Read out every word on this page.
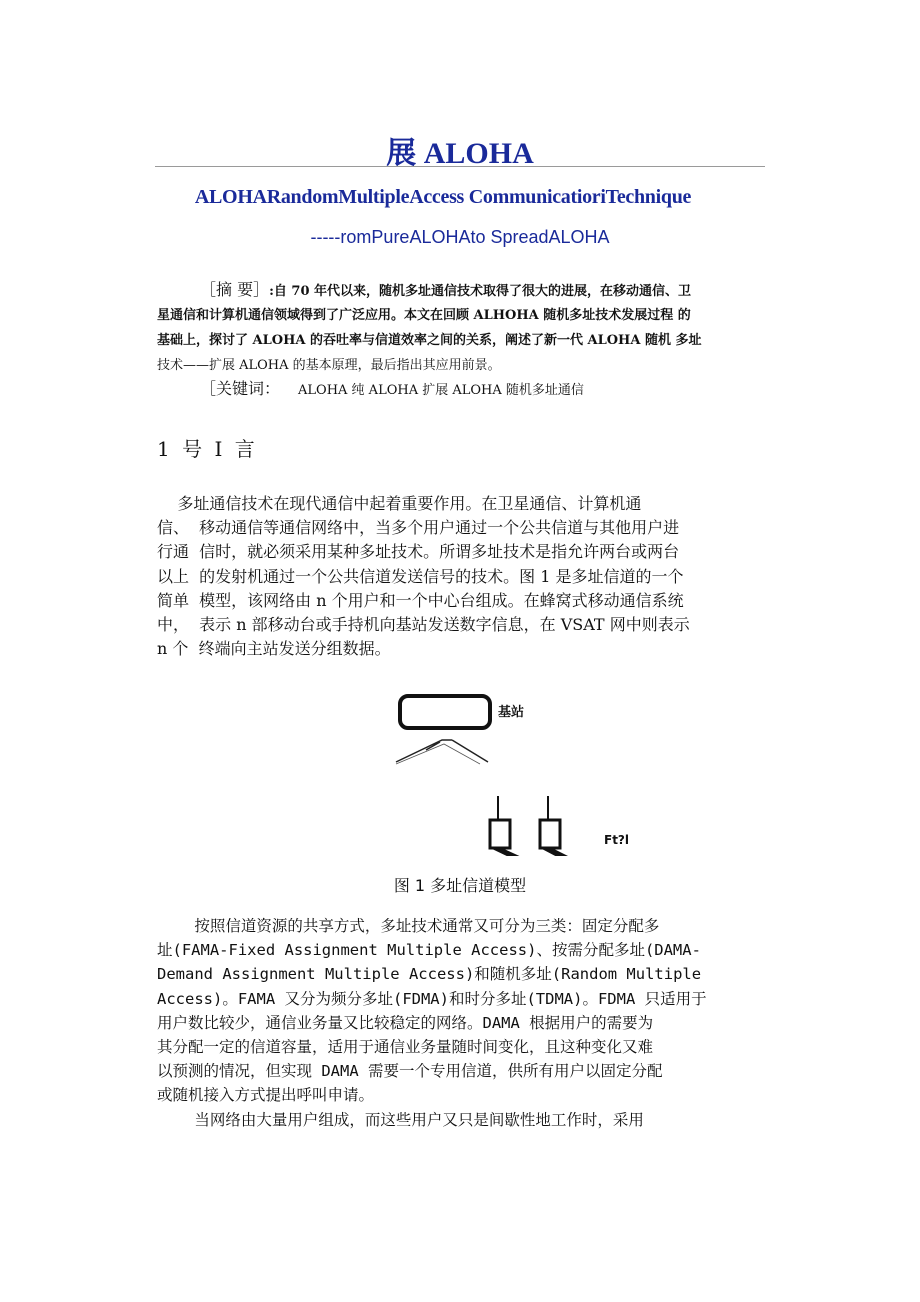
展 ALOHA
ALOHARandomMultipleAccess CommunicatioriTechnique
-----romPureALOHAto SpreadALOHA
［摘 要］:自 70 年代以来，随机多址通信技术取得了很大的进展，在移动通信、卫
星通信和计算机通信领域得到了广泛应用。本文在回顾 ALHOHA 随机多址技术发展过程 的
基础上，探讨了 ALOHA 的吞吐率与信道效率之间的关系，阐述了新一代 ALOHA 随机 多址
技术——扩展 ALOHA 的基本原理，最后指出其应用前景。
［关键词： ALOHA 纯 ALOHA 扩展 ALOHA 随机多址通信
1 号 I 言
多址通信技术在现代通信中起着重要作用。在卫星通信、计算机通
信、  移动通信等通信网络中，当多个用户通过一个公共信道与其他用户进
行通  信时，就必须采用某种多址技术。所谓多址技术是指允许两台或两台
以上  的发射机通过一个公共信道发送信号的技术。图 1 是多址信道的一个
简单  模型，该网络由 n 个用户和一个中心台组成。在蜂窝式移动通信系统
中，  表示 n 部移动台或手持机向基站发送数字信息，在 VSAT 网中则表示
n 个  终端向主站发送分组数据。
基站
Ft?l
图 1 多址信道模型
按照信道资源的共享方式，多址技术通常又可分为三类：固定分配多
址(FAMA-Fixed Assignment Multiple Access)、按需分配多址(DAMA-
Demand Assignment Multiple Access)和随机多址(Random Multiple
Access)。FAMA 又分为频分多址(FDMA)和时分多址(TDMA)。FDMA 只适用于
用户数比较少，通信业务量又比较稳定的网络。DAMA 根据用户的需要为
其分配一定的信道容量，适用于通信业务量随时间变化，且这种变化又难
以预测的情况，但实现 DAMA 需要一个专用信道，供所有用户以固定分配
或随机接入方式提出呼叫申请。
当网络由大量用户组成，而这些用户又只是间歇性地工作时，采用
